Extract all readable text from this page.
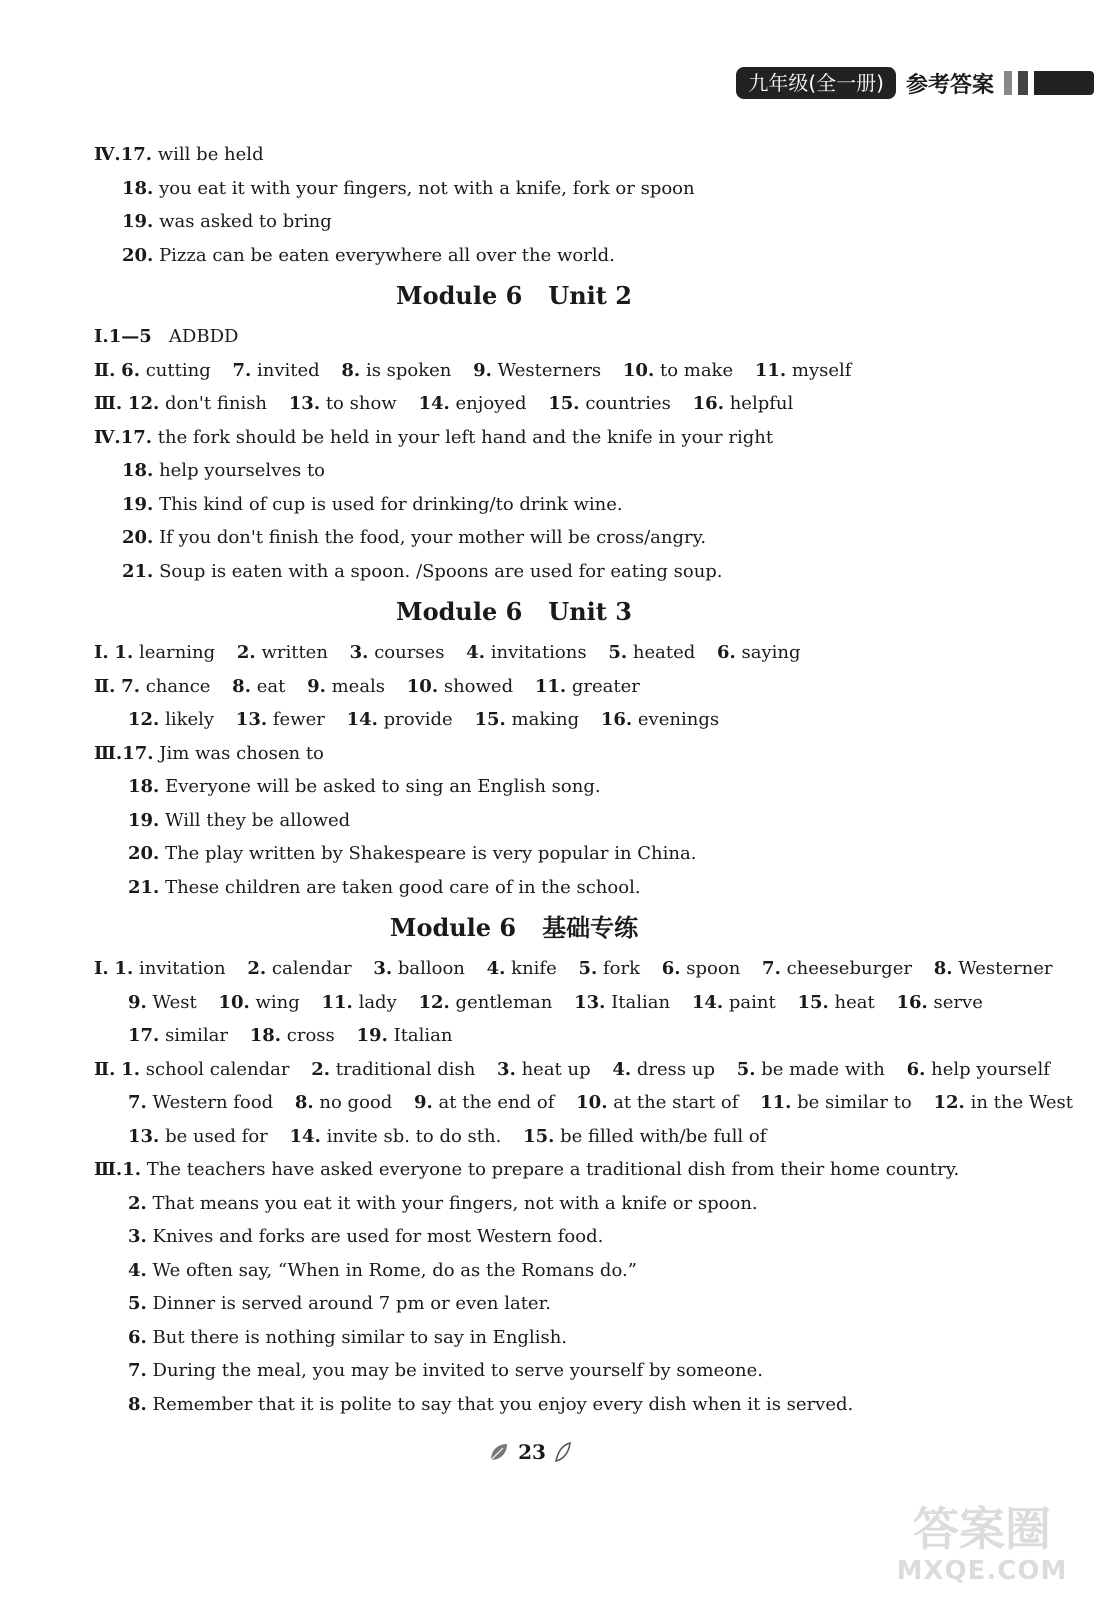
九年级(全一册)	参考答案
Ⅳ.17. will be held
18. you eat it with your fingers, not with a knife, fork or spoon
19. was asked to bring
20. Pizza can be eaten everywhere all over the world.
Module 6 Unit 2
Ⅰ.1—5 ADBDD
Ⅱ. 6. cutting 7. invited 8. is spoken 9. Westerners 10. to make 11. myself
Ⅲ. 12. don't finish 13. to show 14. enjoyed 15. countries 16. helpful
Ⅳ.17. the fork should be held in your left hand and the knife in your right
18. help yourselves to
19. This kind of cup is used for drinking/to drink wine.
20. If you don't finish the food, your mother will be cross/angry.
21. Soup is eaten with a spoon. /Spoons are used for eating soup.
Module 6 Unit 3
Ⅰ. 1. learning 2. written 3. courses 4. invitations 5. heated 6. saying
Ⅱ. 7. chance 8. eat 9. meals 10. showed 11. greater
12. likely 13. fewer 14. provide 15. making 16. evenings
Ⅲ.17. Jim was chosen to
18. Everyone will be asked to sing an English song.
19. Will they be allowed
20. The play written by Shakespeare is very popular in China.
21. These children are taken good care of in the school.
Module 6 基础专练
Ⅰ. 1. invitation 2. calendar 3. balloon 4. knife 5. fork 6. spoon 7. cheeseburger 8. Westerner
9. West 10. wing 11. lady 12. gentleman 13. Italian 14. paint 15. heat 16. serve
17. similar 18. cross 19. Italian
Ⅱ. 1. school calendar 2. traditional dish 3. heat up 4. dress up 5. be made with 6. help yourself
7. Western food 8. no good 9. at the end of 10. at the start of 11. be similar to 12. in the West
13. be used for 14. invite sb. to do sth. 15. be filled with/be full of
Ⅲ.1. The teachers have asked everyone to prepare a traditional dish from their home country.
2. That means you eat it with your fingers, not with a knife or spoon.
3. Knives and forks are used for most Western food.
4. We often say, “When in Rome, do as the Romans do.”
5. Dinner is served around 7 pm or even later.
6. But there is nothing similar to say in English.
7. During the meal, you may be invited to serve yourself by someone.
8. Remember that it is polite to say that you enjoy every dish when it is served.
23
答案圈
MXQE.COM
